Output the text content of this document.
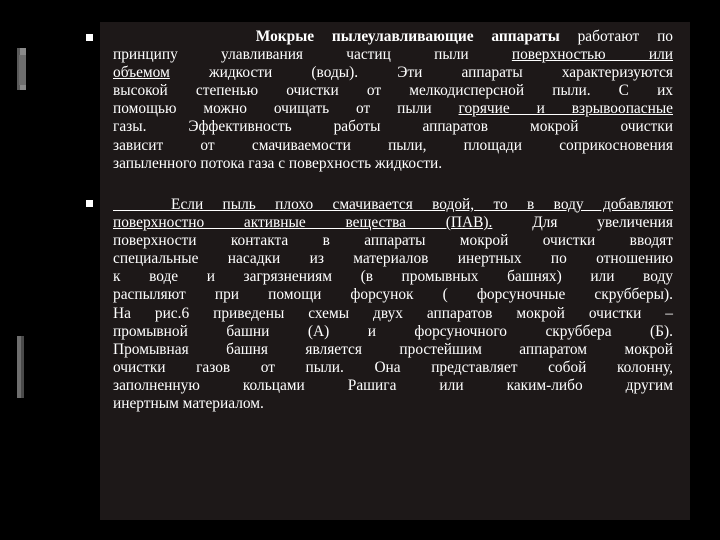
Мокрые пылеулавливающие аппараты работают по
принципу улавливания частиц пыли поверхностью или
объемом жидкости (воды). Эти аппараты характеризуются
высокой степенью очистки от мелкодисперсной пыли. С их
помощью можно очищать от пыли горячие и взрывоопасные
газы. Эффективность работы аппаратов мокрой очистки
зависит от смачиваемости пыли, площади соприкосновения
запыленного потока газа с поверхность жидкости.
Если пыль плохо смачивается водой, то в воду добавляют
поверхностно активные вещества (ПАВ). Для увеличения
поверхности контакта в аппараты мокрой очистки вводят
специальные насадки из материалов инертных по отношению
к воде и загрязнениям (в промывных башнях) или воду
распыляют при помощи форсунок ( форсуночные скрубберы).
На рис.6 приведены схемы двух аппаратов мокрой очистки –
промывной башни (А) и форсуночного скруббера (Б).
Промывная башня является простейшим аппаратом мокрой
очистки газов от пыли. Она представляет собой колонну,
заполненную кольцами Рашига или каким-либо другим
инертным материалом.
